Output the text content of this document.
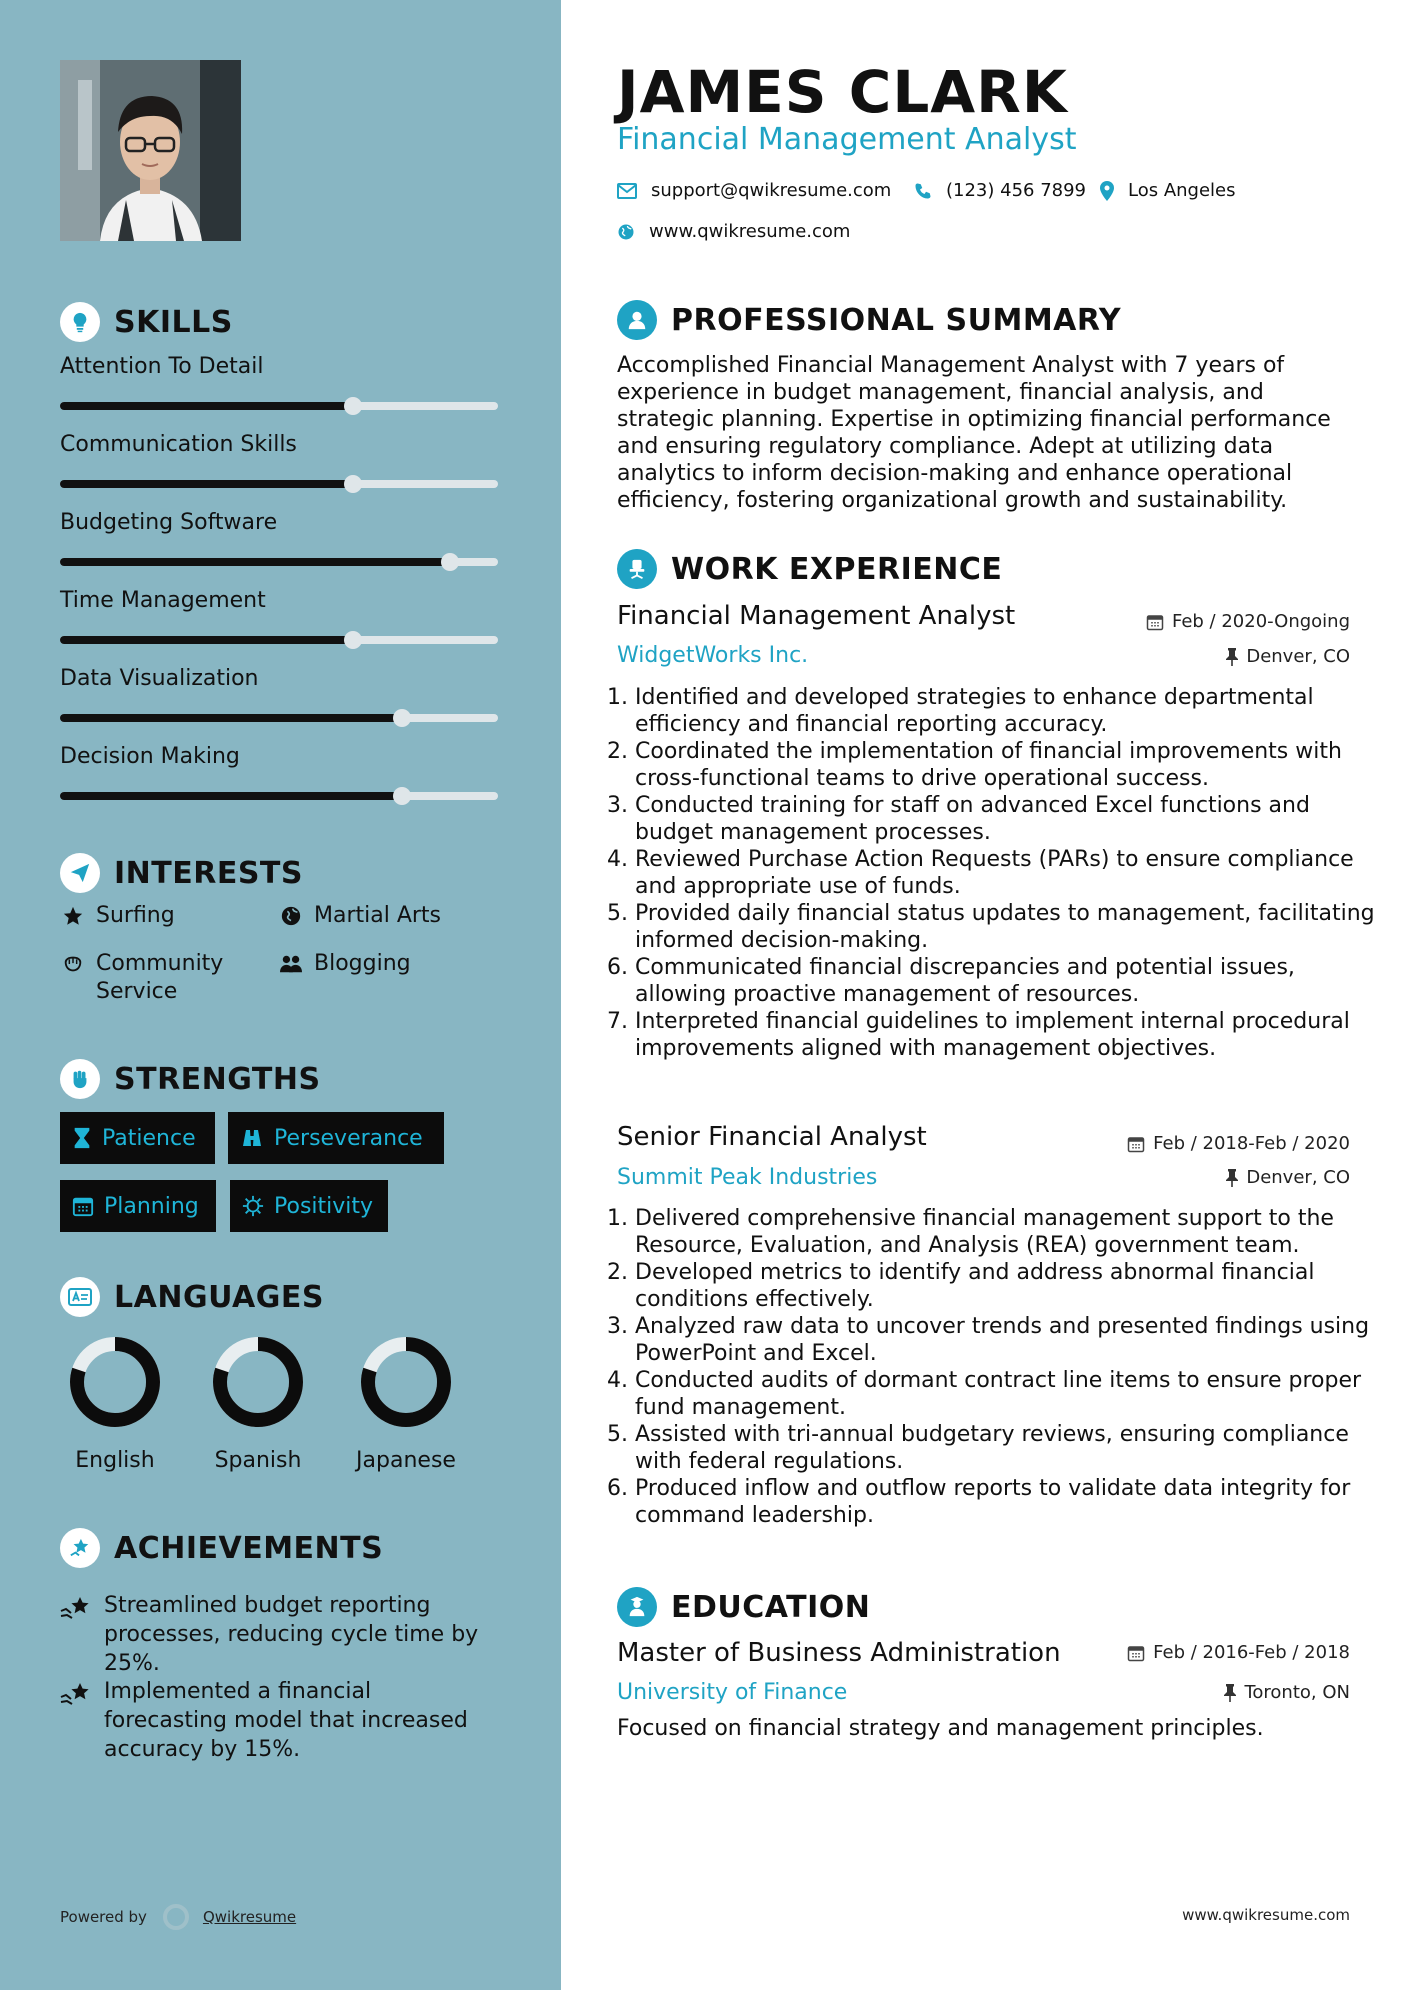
SKILLS
Attention To Detail
Communication Skills
Budgeting Software
Time Management
Data Visualization
Decision Making
INTERESTS
Surfing	Martial Arts
Community Service
Blogging
STRENGTHS
Patience	Perseverance
Planning	Positivity
LANGUAGES
English	Spanish	Japanese
ACHIEVEMENTS
Streamlined budget reporting processes, reducing cycle time by 25%.
Implemented a financial forecasting model that increased accuracy by 15%.
Powered by	Qwikresume
JAMES CLARK
Financial Management Analyst
support@qwikresume.com	(123) 456 7899 Los Angeles
www.qwikresume.com
PROFESSIONAL SUMMARY
Accomplished Financial Management Analyst with 7 years of experience in budget management, financial analysis, and strategic planning. Expertise in optimizing financial performance and ensuring regulatory compliance. Adept at utilizing data analytics to inform decision-making and enhance operational efficiency, fostering organizational growth and sustainability.
WORK EXPERIENCE
Financial Management Analyst	Feb / 2020-Ongoing
WidgetWorks Inc.	Denver, CO
1. Identified and developed strategies to enhance departmental efficiency and financial reporting accuracy.
2. Coordinated the implementation of financial improvements with cross-functional teams to drive operational success.
3. Conducted training for staff on advanced Excel functions and budget management processes.
4. Reviewed Purchase Action Requests (PARs) to ensure compliance and appropriate use of funds.
5. Provided daily financial status updates to management, facilitating informed decision-making.
6. Communicated financial discrepancies and potential issues, allowing proactive management of resources.
7. Interpreted financial guidelines to implement internal procedural improvements aligned with management objectives.
Senior Financial Analyst	Feb / 2018-Feb / 2020
Summit Peak Industries	Denver, CO
1. Delivered comprehensive financial management support to the Resource, Evaluation, and Analysis (REA) government team.
2. Developed metrics to identify and address abnormal financial conditions effectively.
3. Analyzed raw data to uncover trends and presented findings using PowerPoint and Excel.
4. Conducted audits of dormant contract line items to ensure proper fund management.
5. Assisted with tri-annual budgetary reviews, ensuring compliance with federal regulations.
6. Produced inflow and outflow reports to validate data integrity for command leadership.
EDUCATION
Master of Business Administration	Feb / 2016-Feb / 2018
University of Finance	Toronto, ON
Focused on financial strategy and management principles.
www.qwikresume.com
